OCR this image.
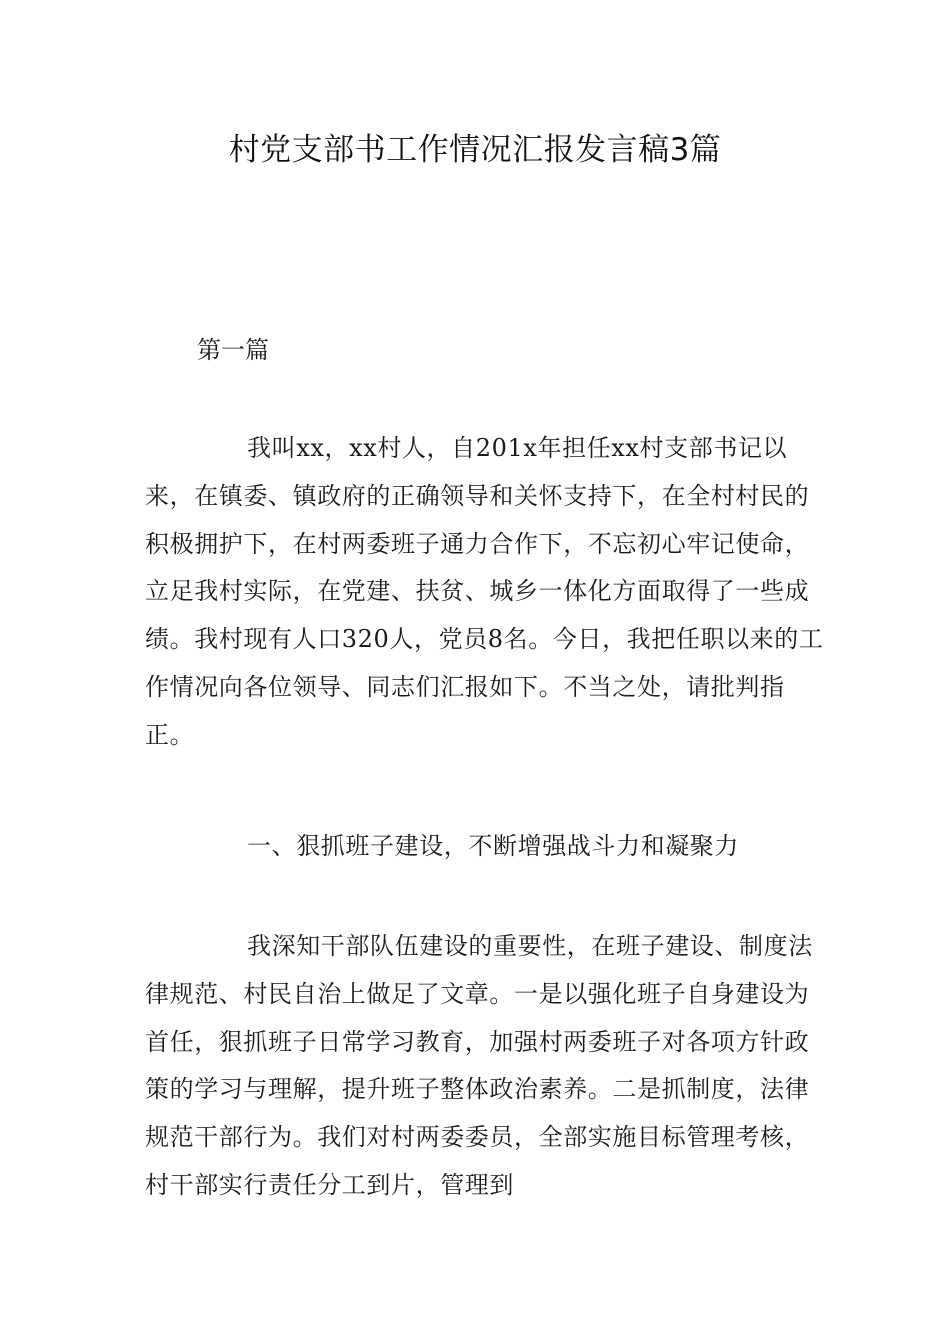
村党支部书工作情况汇报发言稿3篇

第一篇

我叫xx，xx村人，自201x年担任xx村支部书记以来，在镇委、镇政府的正确领导和关怀支持下，在全村村民的积极拥护下，在村两委班子通力合作下，不忘初心牢记使命，立足我村实际，在党建、扶贫、城乡一体化方面取得了一些成绩。我村现有人口320人，党员8名。今日，我把任职以来的工作情况向各位领导、同志们汇报如下。不当之处，请批判指正。

一、狠抓班子建设，不断增强战斗力和凝聚力

我深知干部队伍建设的重要性，在班子建设、制度法律规范、村民自治上做足了文章。一是以强化班子自身建设为首任，狠抓班子日常学习教育，加强村两委班子对各项方针政策的学习与理解，提升班子整体政治素养。二是抓制度，法律规范干部行为。我们对村两委委员，全部实施目标管理考核，村干部实行责任分工到片，管理到
